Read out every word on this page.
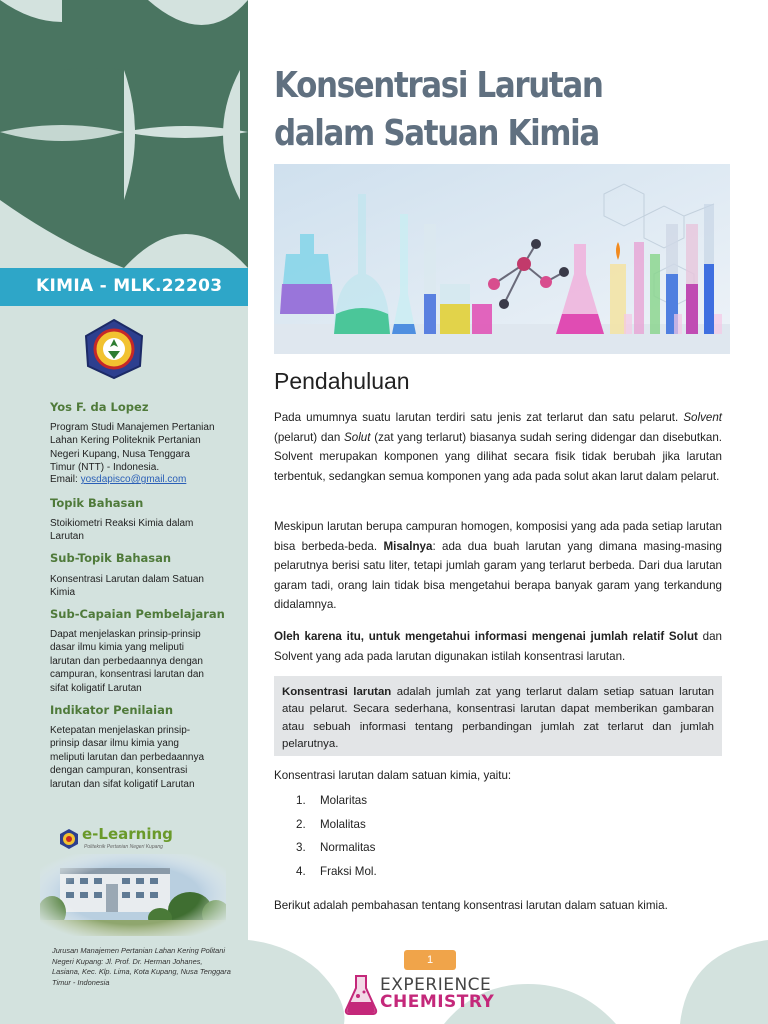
KIMIA - MLK.22203
Yos F. da Lopez
Program Studi Manajemen Pertanian
Lahan Kering Politeknik Pertanian
Negeri Kupang, Nusa Tenggara
Timur (NTT) - Indonesia.
Email: yosdapisco@gmail.com
Topik Bahasan
Stoikiometri Reaksi Kimia dalam
Larutan
Sub-Topik Bahasan
Konsentrasi Larutan dalam Satuan
Kimia
Sub-Capaian Pembelajaran
Dapat menjelaskan prinsip-prinsip
dasar ilmu kimia yang meliputi
larutan dan perbedaannya dengan
campuran, konsentrasi larutan dan
sifat koligatif Larutan
Indikator Penilaian
Ketepatan menjelaskan prinsip-
prinsip dasar ilmu kimia yang
meliputi larutan dan perbedaannya
dengan campuran, konsentrasi
larutan dan sifat koligatif Larutan
e-Learning
Politeknik Pertanian Negeri Kupang
Jurusan Manajemen Pertanian Lahan Kering Politani Negeri Kupang: Jl. Prof. Dr. Herman Johanes, Lasiana, Kec. Klp. Lima, Kota Kupang, Nusa Tenggara Timur - Indonesia
Konsentrasi Larutan dalam Satuan Kimia
Pendahuluan

Pada umumnya suatu larutan terdiri satu jenis zat terlarut dan satu pelarut. Solvent (pelarut) dan Solut (zat yang terlarut) biasanya sudah sering didengar dan disebutkan. Solvent merupakan komponen yang dilihat secara fisik tidak berubah jika larutan terbentuk, sedangkan semua komponen yang ada pada solut akan larut dalam pelarut.

Meskipun larutan berupa campuran homogen, komposisi yang ada pada setiap larutan bisa berbeda-beda. Misalnya: ada dua buah larutan yang dimana masing-masing pelarutnya berisi satu liter, tetapi jumlah garam yang terlarut berbeda. Dari dua larutan garam tadi, orang lain tidak bisa mengetahui berapa banyak garam yang terkandung didalamnya.

Oleh karena itu, untuk mengetahui informasi mengenai jumlah relatif Solut dan Solvent yang ada pada larutan digunakan istilah konsentrasi larutan.

Konsentrasi larutan adalah jumlah zat yang terlarut dalam setiap satuan larutan atau pelarut. Secara sederhana, konsentrasi larutan dapat memberikan gambaran atau sebuah informasi tentang perbandingan jumlah zat terlarut dan jumlah pelarutnya.

Konsentrasi larutan dalam satuan kimia, yaitu:

1. Molaritas
2. Molalitas
3. Normalitas
4. Fraksi Mol.

Berikut adalah pembahasan tentang konsentrasi larutan dalam satuan kimia.

1
EXPERIENCE
CHEMISTRY
